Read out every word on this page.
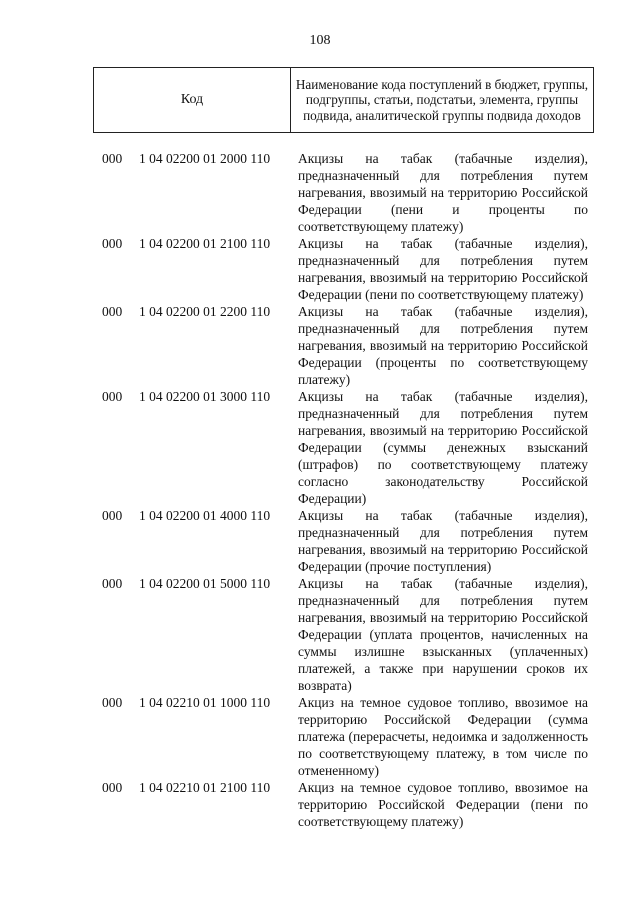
108
Код
Наименование кода поступлений в бюджет, группы, подгруппы, статьи, подстатьи, элемента, группы подвида, аналитической группы подвида доходов
000 1 04 02200 01 2000 110 Акцизы на табак (табачные изделия), предназначенный для потребления путем нагревания, ввозимый на территорию Российской Федерации (пени и проценты по соответствующему платежу)
000 1 04 02200 01 2100 110 Акцизы на табак (табачные изделия), предназначенный для потребления путем нагревания, ввозимый на территорию Российской Федерации (пени по соответствующему платежу)
000 1 04 02200 01 2200 110 Акцизы на табак (табачные изделия), предназначенный для потребления путем нагревания, ввозимый на территорию Российской Федерации (проценты по соответствующему платежу)
000 1 04 02200 01 3000 110 Акцизы на табак (табачные изделия), предназначенный для потребления путем нагревания, ввозимый на территорию Российской Федерации (суммы денежных взысканий (штрафов) по соответствующему платежу согласно законодательству Российской Федерации)
000 1 04 02200 01 4000 110 Акцизы на табак (табачные изделия), предназначенный для потребления путем нагревания, ввозимый на территорию Российской Федерации (прочие поступления)
000 1 04 02200 01 5000 110 Акцизы на табак (табачные изделия), предназначенный для потребления путем нагревания, ввозимый на территорию Российской Федерации (уплата процентов, начисленных на суммы излишне взысканных (уплаченных) платежей, а также при нарушении сроков их возврата)
000 1 04 02210 01 1000 110 Акциз на темное судовое топливо, ввозимое на территорию Российской Федерации (сумма платежа (перерасчеты, недоимка и задолженность по соответствующему платежу, в том числе по отмененному)
000 1 04 02210 01 2100 110 Акциз на темное судовое топливо, ввозимое на территорию Российской Федерации (пени по соответствующему платежу)
